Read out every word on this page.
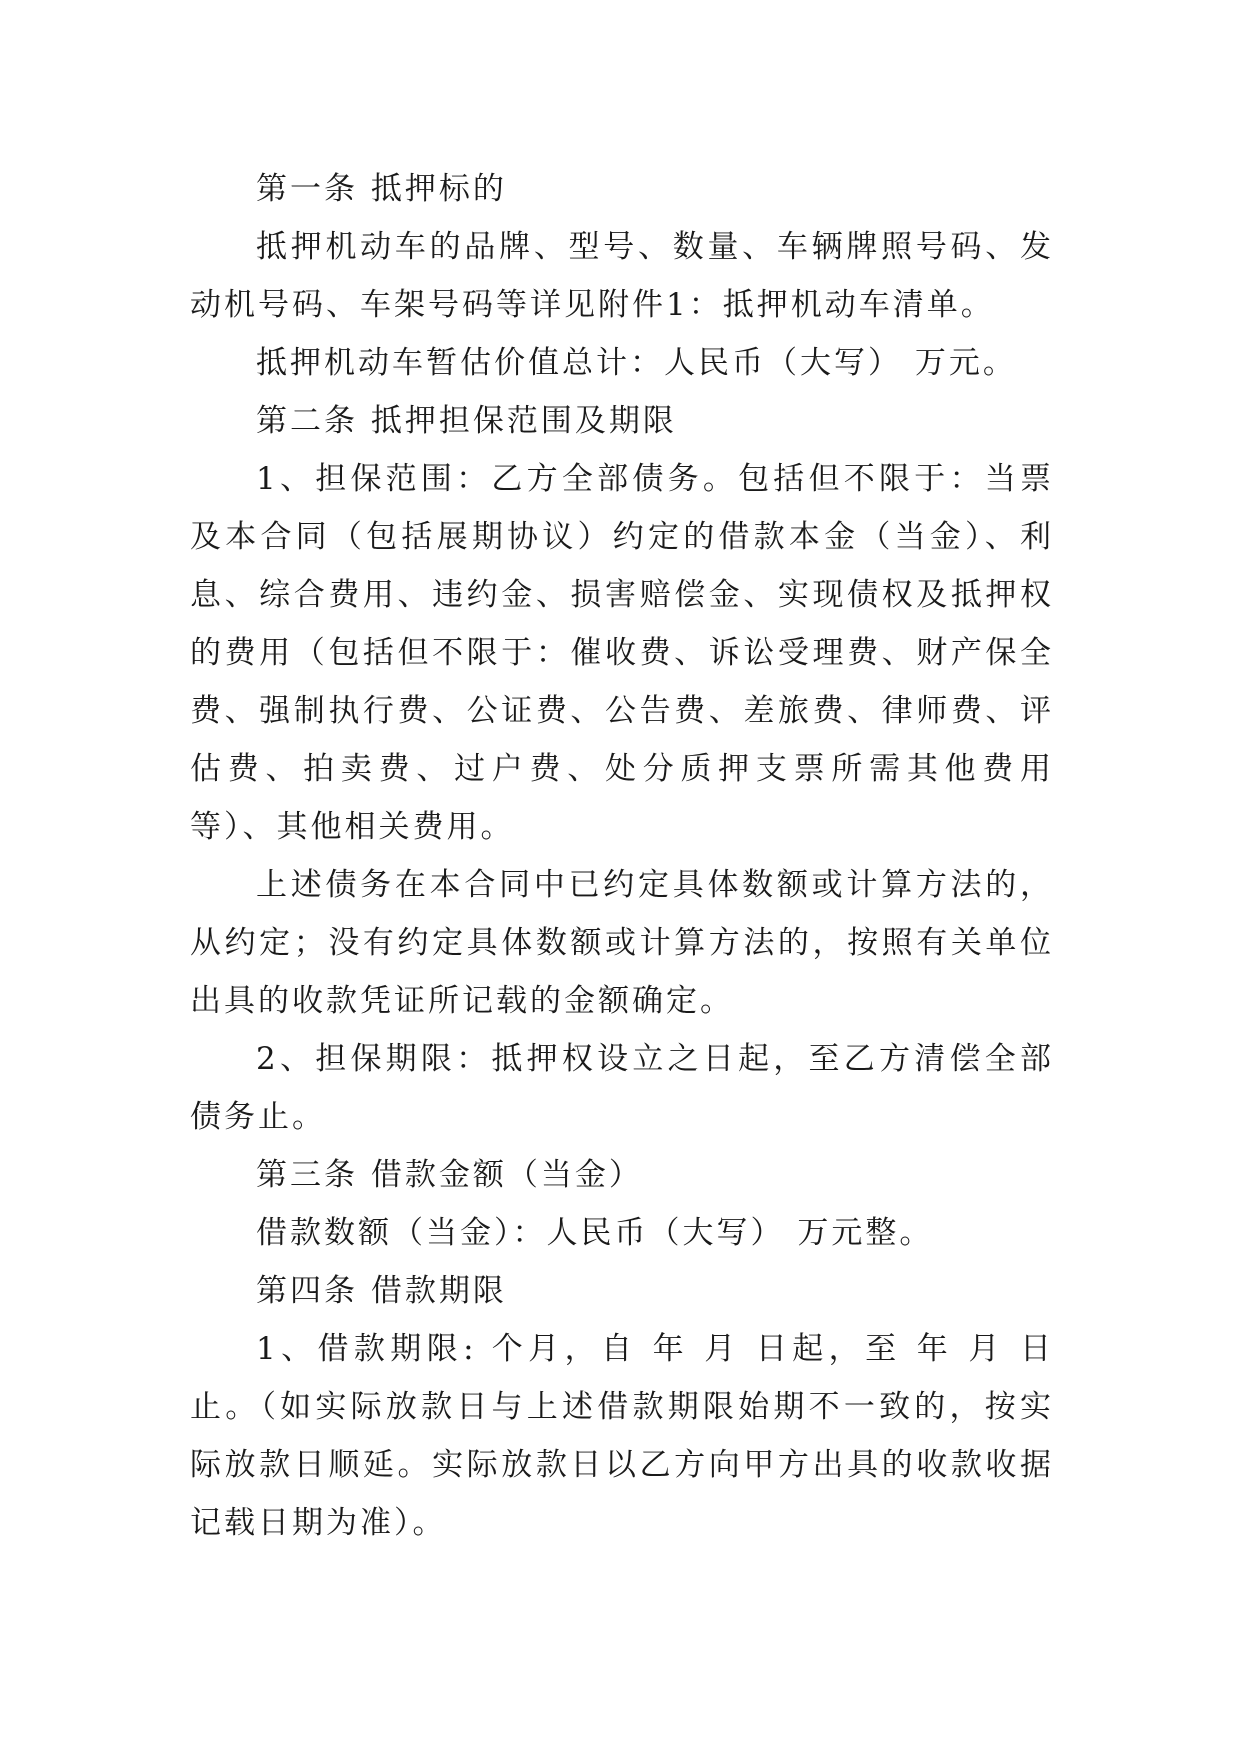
第一条 抵押标的

抵押机动车的品牌、型号、数量、车辆牌照号码、发动机号码、车架号码等详见附件1：抵押机动车清单。

抵押机动车暂估价值总计：人民币（大写） 万元。

第二条 抵押担保范围及期限

1、担保范围：乙方全部债务。包括但不限于：当票及本合同（包括展期协议）约定的借款本金（当金）、利息、综合费用、违约金、损害赔偿金、实现债权及抵押权的费用（包括但不限于：催收费、诉讼受理费、财产保全费、强制执行费、公证费、公告费、差旅费、律师费、评估费、拍卖费、过户费、处分质押支票所需其他费用等）、其他相关费用。

上述债务在本合同中已约定具体数额或计算方法的，从约定；没有约定具体数额或计算方法的，按照有关单位出具的收款凭证所记载的金额确定。

2、担保期限：抵押权设立之日起，至乙方清偿全部债务止。

第三条 借款金额（当金）

借款数额（当金）：人民币（大写） 万元整。

第四条 借款期限

1、借款期限: 个月，自 年 月 日起，至 年 月 日止。（如实际放款日与上述借款期限始期不一致的，按实际放款日顺延。实际放款日以乙方向甲方出具的收款收据记载日期为准）。
